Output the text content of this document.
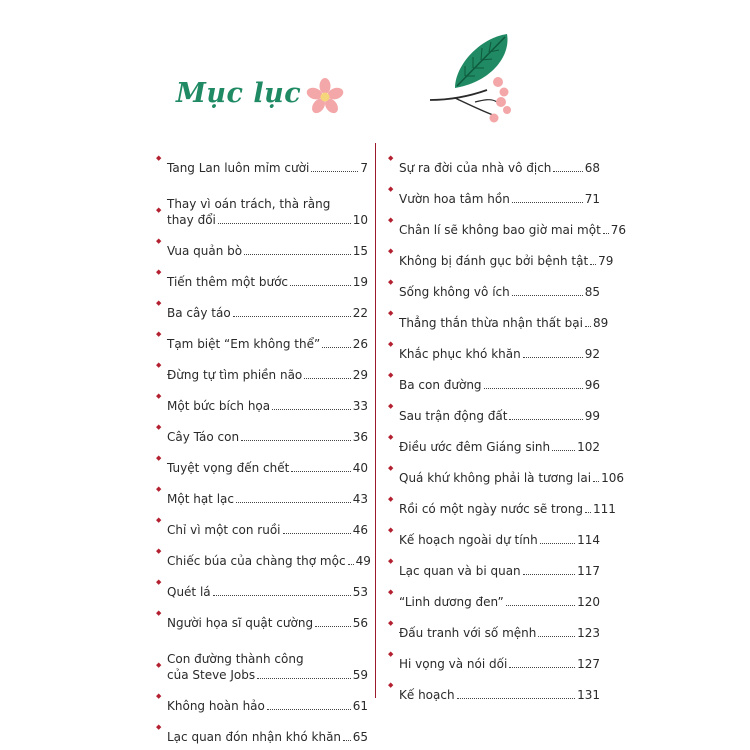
Mục lục
◆
Tang Lan luôn mỉm cười	7
◆ Thay vì oán trách, thà rằng
thay đổi	10
◆
Vua quản bò	15
◆
Tiến thêm một bước	19
◆
Ba cây táo	22
◆
Tạm biệt “Em không thể”	26
◆
Đừng tự tìm phiền não	29
◆
Một bức bích họa	33
◆
Cây Táo con	36
◆
Tuyệt vọng đến chết	40
◆
Một hạt lạc	43
◆
Chỉ vì một con ruồi	46
◆
Chiếc búa của chàng thợ mộc 49
◆
Quét lá	53
◆
Người họa sĩ quật cường	56
◆ Con đường thành công
của Steve Jobs	59
◆
Không hoàn hảo	61
◆
Lạc quan đón nhận khó khăn 65
◆
Sự ra đời của nhà vô địch	68
◆
Vườn hoa tâm hồn	71
◆
Chân lí sẽ không bao giờ mai một 76
◆
Không bị đánh gục bởi bệnh tật 79
◆
Sống không vô ích	85
◆
Thẳng thắn thừa nhận thất bại 89
◆
Khắc phục khó khăn	92
◆
Ba con đường	96
◆
Sau trận động đất	99
◆
Điều ước đêm Giáng sinh 102
◆
Quá khứ không phải là tương lai 106
◆
Rồi có một ngày nước sẽ trong 111
◆
Kế hoạch ngoài dự tính	114
◆
Lạc quan và bi quan	117
◆
“Linh dương đen”	120
◆
Đấu tranh với số mệnh	123
◆
Hi vọng và nói dối	127
◆
Kế hoạch	131
